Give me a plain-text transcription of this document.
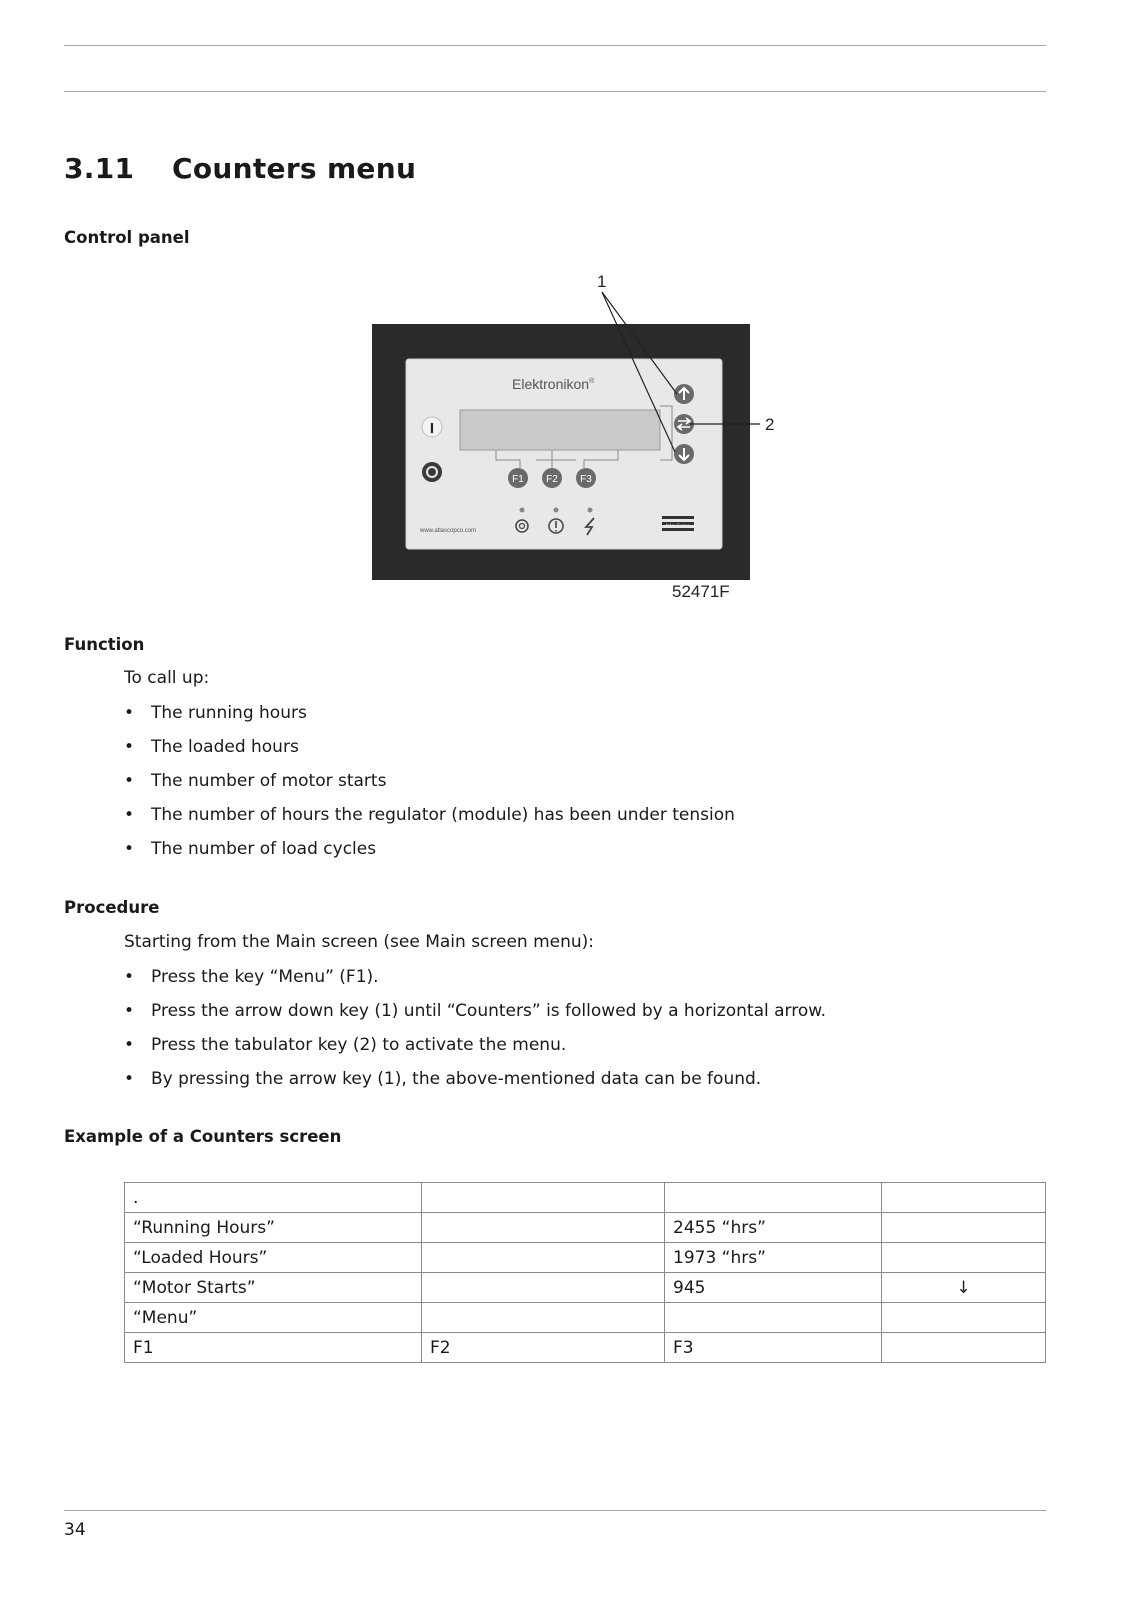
3.11 Counters menu
Control panel
Elektronikon®
I
F1 F2 F3
www.atlascopco.com
Atlas Copco
1
2
52471F
Function
To call up:
• The running hours
• The loaded hours
• The number of motor starts
• The number of hours the regulator (module) has been under tension
• The number of load cycles
Procedure
Starting from the Main screen (see Main screen menu):
• Press the key “Menu” (F1).
• Press the arrow down key (1) until “Counters” is followed by a horizontal arrow.
• Press the tabulator key (2) to activate the menu.
• By pressing the arrow key (1), the above-mentioned data can be found.
Example of a Counters screen
.			
“Running Hours”		2455 “hrs”	
“Loaded Hours”		1973 “hrs”	
“Motor Starts”		945	↓
“Menu”			
F1	F2	F3	
34
